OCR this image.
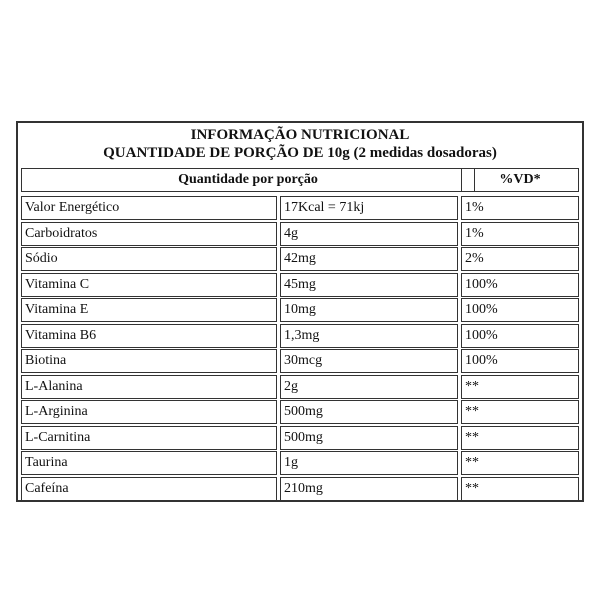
INFORMAÇÃO NUTRICIONAL
QUANTIDADE DE PORÇÃO DE 10g (2 medidas dosadoras)
Quantidade por porção	%VD*
Valor Energético	17Kcal = 71kj	1%
Carboidratos	4g	1%
Sódio	42mg	2%
Vitamina C	45mg	100%
Vitamina E	10mg	100%
Vitamina B6	1,3mg	100%
Biotina	30mcg	100%
L-Alanina	2g	**
L-Arginina	500mg	**
L-Carnitina	500mg	**
Taurina	1g	**
Cafeína	210mg	**
